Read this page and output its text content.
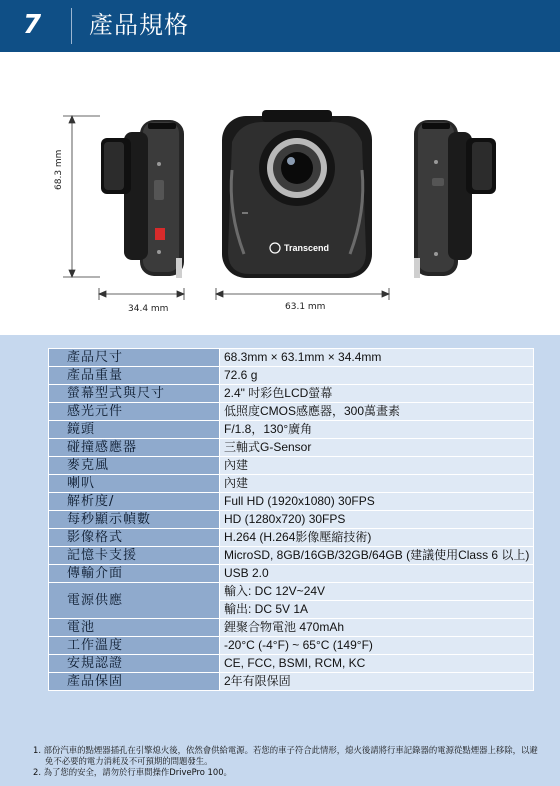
7 產品規格
Transcend
68.3 mm
34.4 mm	63.1 mm
產品尺寸	68.3mm × 63.1mm × 34.4mm
產品重量	72.6 g
螢幕型式與尺寸	2.4" 吋彩色LCD螢幕
感光元件	低照度CMOS感應器，300萬畫素
鏡頭	F/1.8，130°廣角
碰撞感應器	三軸式G-Sensor
麥克風	內建
喇叭	內建
解析度/	Full HD (1920x1080) 30FPS
每秒顯示幀數	HD (1280x720) 30FPS
影像格式	H.264 (H.264影像壓縮技術)
記憶卡支援	MicroSD, 8GB/16GB/32GB/64GB (建議使用Class 6 以上)
傳輸介面	USB 2.0
電源供應	輸入: DC 12V~24V
	輸出: DC 5V 1A
電池	鋰聚合物電池 470mAh
工作溫度	-20°C (-4°F) ~ 65°C (149°F)
安規認證	CE, FCC, BSMI, RCM, KC
產品保固	2年有限保固

1. 部份汽車的點煙器插孔在引擎熄火後，依然會供給電源。若您的車子符合此情形，熄火後請將行車記錄器的電源從點煙器上移除，以避免不必要的電力消耗及不可預期的問題發生。

2. 為了您的安全，請勿於行車間操作DrivePro 100。
